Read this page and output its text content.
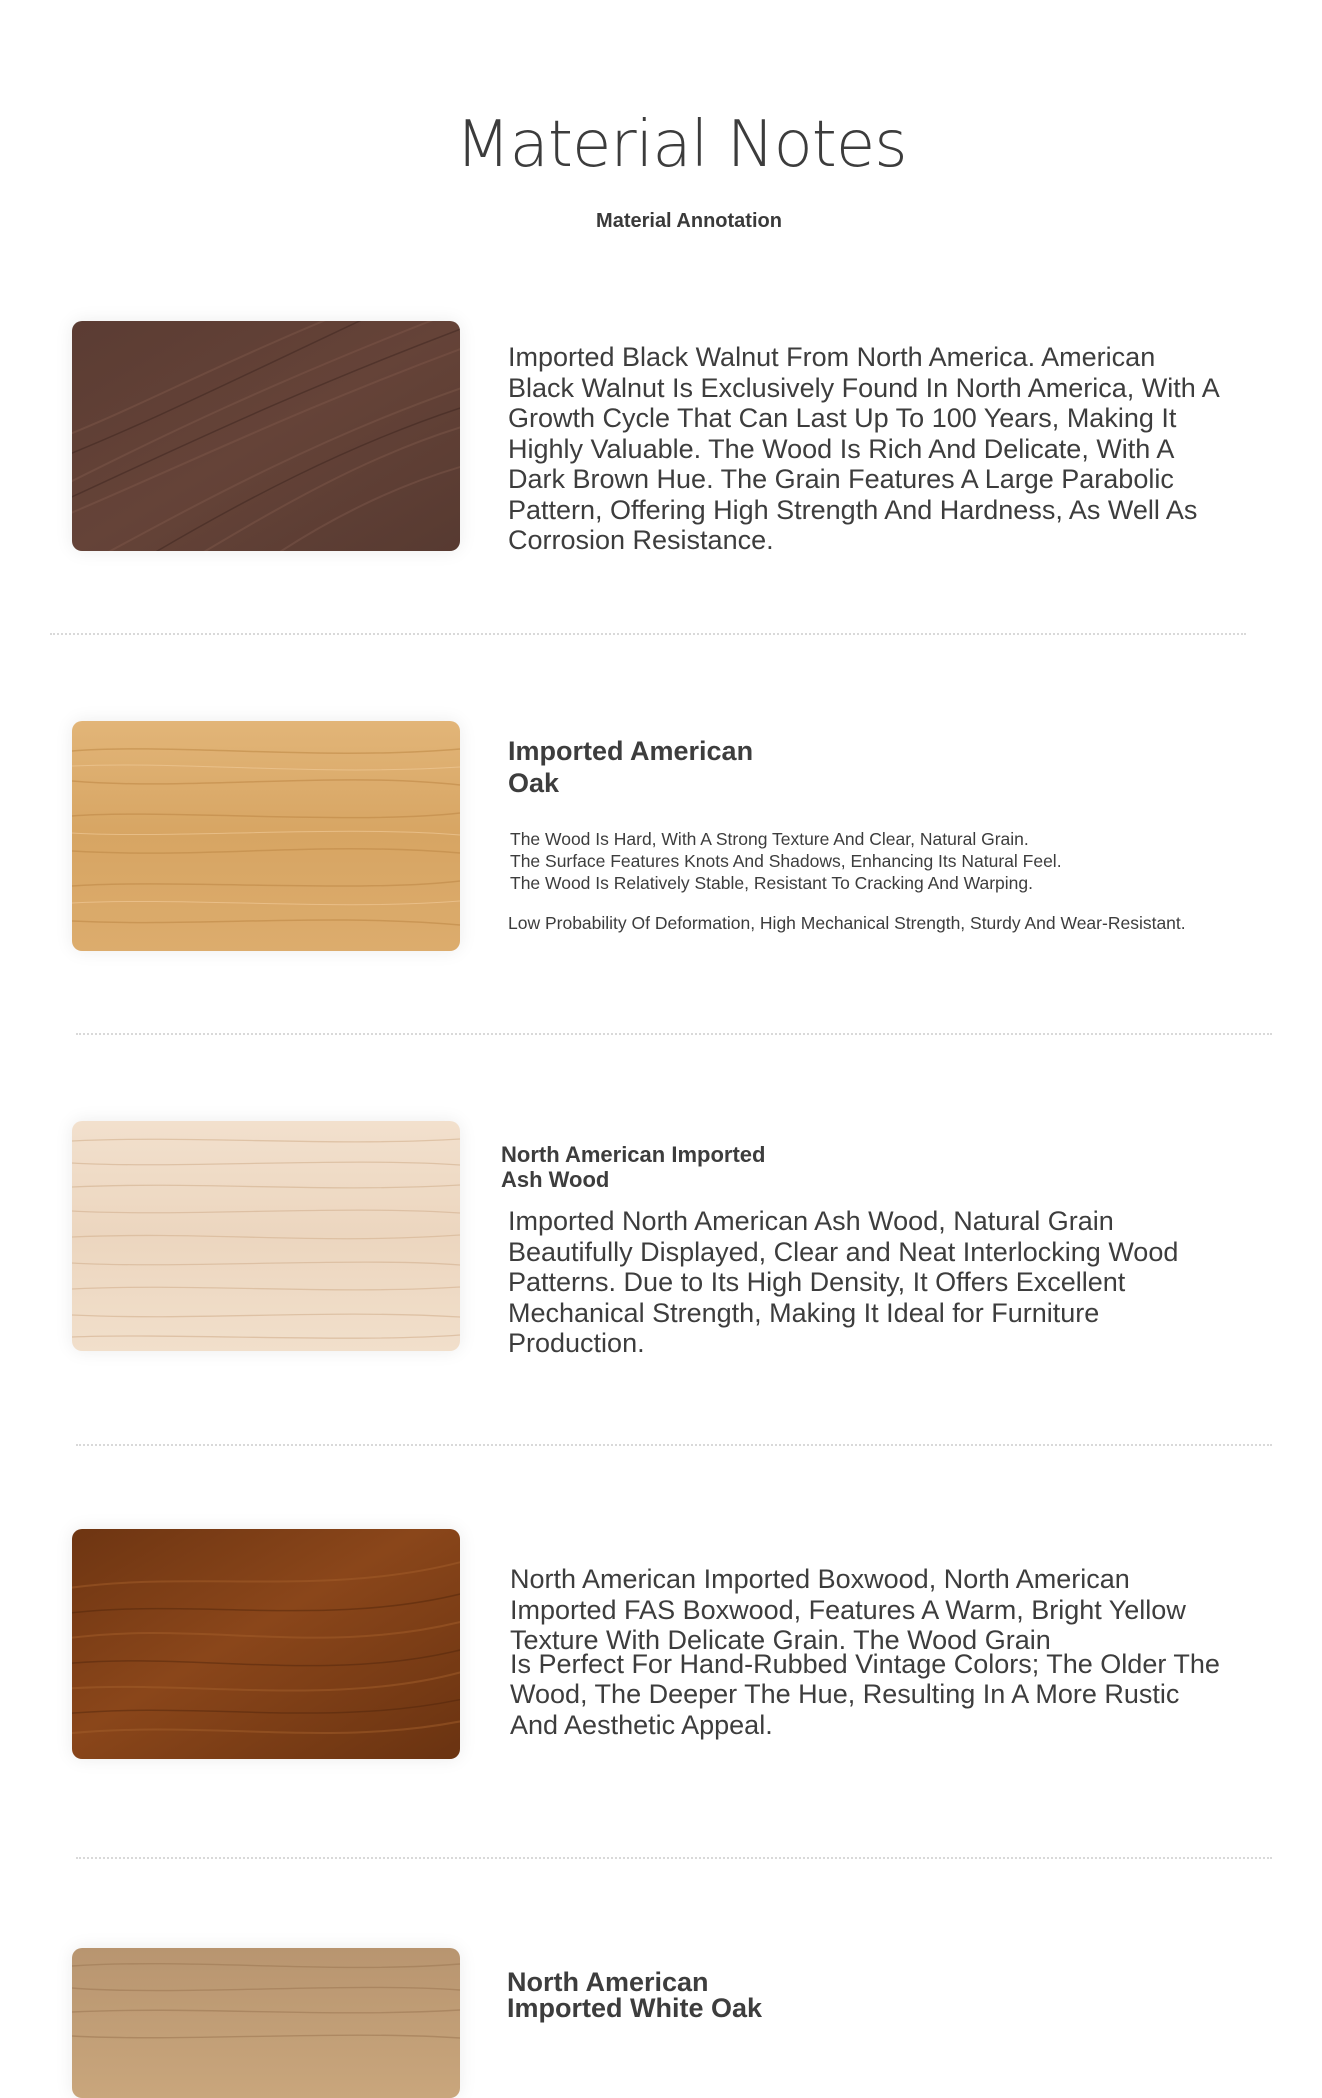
Material Notes
Material Annotation

Imported Black Walnut From North America. American Black Walnut Is Exclusively Found In North America, With A Growth Cycle That Can Last Up To 100 Years, Making It Highly Valuable. The Wood Is Rich And Delicate, With A Dark Brown Hue. The Grain Features A Large Parabolic Pattern, Offering High Strength And Hardness, As Well As Corrosion Resistance.

Imported American
Oak
The Wood Is Hard, With A Strong Texture And Clear, Natural Grain.
The Surface Features Knots And Shadows, Enhancing Its Natural Feel.
The Wood Is Relatively Stable, Resistant To Cracking And Warping.

Low Probability Of Deformation, High Mechanical Strength, Sturdy And Wear-Resistant.

North American Imported
Ash Wood

Imported North American Ash Wood, Natural Grain Beautifully Displayed, Clear and Neat Interlocking Wood Patterns. Due to Its High Density, It Offers Excellent Mechanical Strength, Making It Ideal for Furniture Production.

North American Imported Boxwood, North American Imported FAS Boxwood, Features A Warm, Bright Yellow Texture With Delicate Grain. The Wood Grain
Is Perfect For Hand-Rubbed Vintage Colors; The Older The Wood, The Deeper The Hue, Resulting In A More Rustic And Aesthetic Appeal.
North American
Imported White Oak
